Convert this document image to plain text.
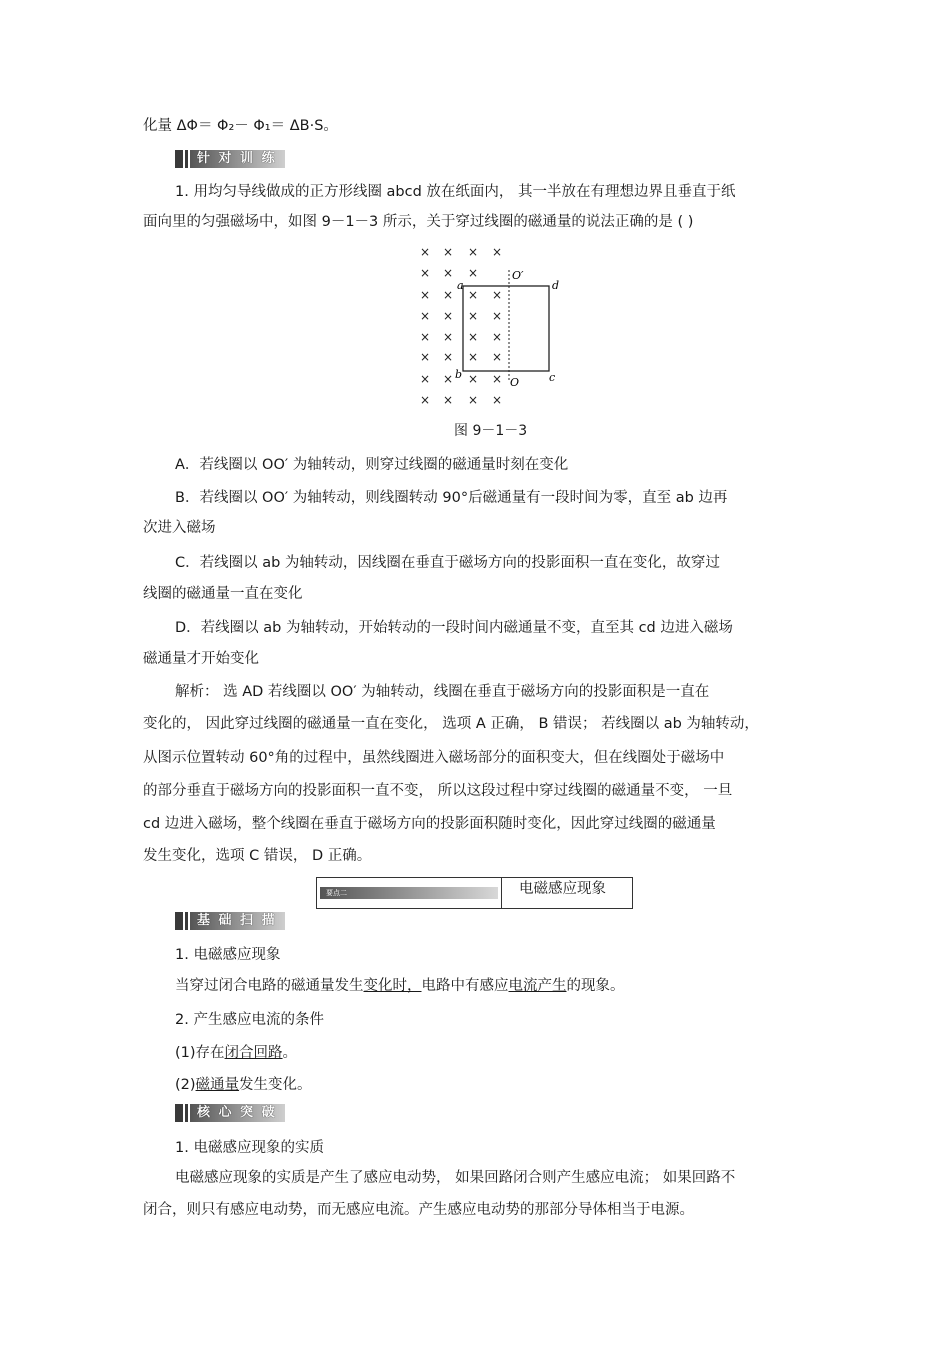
化量 ΔΦ＝ Φ₂－ Φ₁＝ ΔB·S。
针 对 训 练
1. 用均匀导线做成的正方形线圈 abcd 放在纸面内， 其一半放在有理想边界且垂直于纸
面向里的匀强磁场中，如图 9－1－3 所示，关于穿过线圈的磁通量的说法正确的是 ( )
× × × ×
× × ×
× × × ×
× × × ×
× × × ×
× × × ×
× × × ×
× × × ×
a	d
b	c
O
O′
图 9－1－3
A．若线圈以 OO′ 为轴转动，则穿过线圈的磁通量时刻在变化
B．若线圈以 OO′ 为轴转动，则线圈转动 90°后磁通量有一段时间为零，直至 ab 边再
次进入磁场
C．若线圈以 ab 为轴转动，因线圈在垂直于磁场方向的投影面积一直在变化，故穿过
线圈的磁通量一直在变化
D．若线圈以 ab 为轴转动，开始转动的一段时间内磁通量不变，直至其 cd 边进入磁场
磁通量才开始变化
解析： 选 AD 若线圈以 OO′ 为轴转动，线圈在垂直于磁场方向的投影面积是一直在
变化的， 因此穿过线圈的磁通量一直在变化， 选项 A 正确， B 错误； 若线圈以 ab 为轴转动，
从图示位置转动 60°角的过程中，虽然线圈进入磁场部分的面积变大，但在线圈处于磁场中
的部分垂直于磁场方向的投影面积一直不变， 所以这段过程中穿过线圈的磁通量不变， 一旦
cd 边进入磁场，整个线圈在垂直于磁场方向的投影面积随时变化，因此穿过线圈的磁通量
发生变化，选项 C 错误， D 正确。
要点二	电磁感应现象
基 础 扫 描
1. 电磁感应现象
当穿过闭合电路的磁通量发生变化时，电路中有感应电流产生的现象。
2. 产生感应电流的条件
(1)存在闭合回路。
(2)磁通量发生变化。
核 心 突 破
1. 电磁感应现象的实质
电磁感应现象的实质是产生了感应电动势， 如果回路闭合则产生感应电流； 如果回路不
闭合，则只有感应电动势，而无感应电流。产生感应电动势的那部分导体相当于电源。
